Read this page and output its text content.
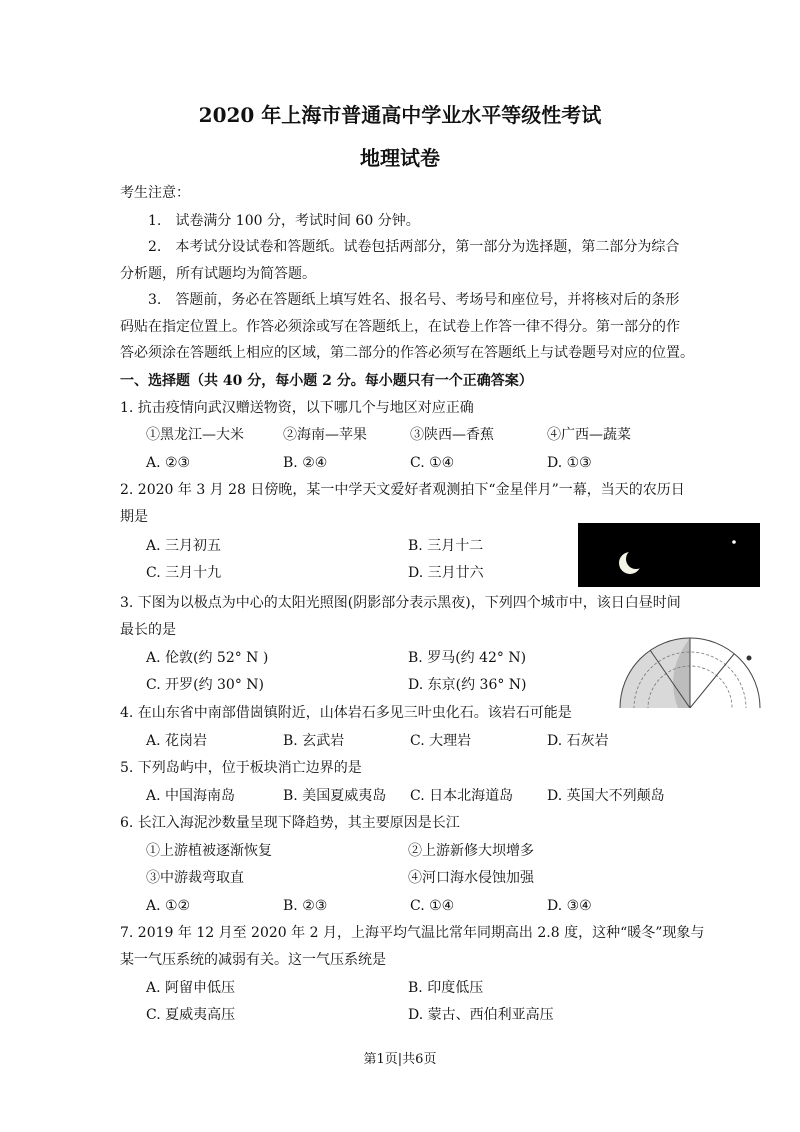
2020 年上海市普通高中学业水平等级性考试
地理试卷
考生注意：
1.　试卷满分 100 分，考试时间 60 分钟。
2.　本考试分设试卷和答题纸。试卷包括两部分，第一部分为选择题，第二部分为综合
分析题，所有试题均为简答题。
3.　答题前，务必在答题纸上填写姓名、报名号、考场号和座位号，并将核对后的条形
码贴在指定位置上。作答必须涂或写在答题纸上，在试卷上作答一律不得分。第一部分的作
答必须涂在答题纸上相应的区域，第二部分的作答必须写在答题纸上与试卷题号对应的位置。
一、选择题（共 40 分，每小题 2 分。每小题只有一个正确答案）
1. 抗击疫情向武汉赠送物资，以下哪几个与地区对应正确
①黑龙江—大米	②海南—苹果	③陕西—香蕉	④广西—蔬菜
A. ②③	B. ②④	C. ①④	D. ①③
2. 2020 年 3 月 28 日傍晚，某一中学天文爱好者观测拍下“金星伴月”一幕，当天的农历日
期是
A. 三月初五	B. 三月十二
C. 三月十九	D. 三月廿六
3. 下图为以极点为中心的太阳光照图(阴影部分表示黑夜)，下列四个城市中，该日白昼时间
最长的是
A. 伦敦(约 52° N )	B. 罗马(约 42° N)
C. 开罗(约 30° N)	D. 东京(约 36° N)
4. 在山东省中南部借崮镇附近，山体岩石多见三叶虫化石。该岩石可能是
A. 花岗岩	B. 玄武岩	C. 大理岩	D. 石灰岩
5. 下列岛屿中，位于板块消亡边界的是
A. 中国海南岛	B. 美国夏威夷岛 C. 日本北海道岛 D. 英国大不列颠岛
6. 长江入海泥沙数量呈现下降趋势，其主要原因是长江
①上游植被逐渐恢复	②上游新修大坝增多
③中游裁弯取直	④河口海水侵蚀加强
A. ①②	B. ②③	C. ①④	D. ③④
7. 2019 年 12 月至 2020 年 2 月，上海平均气温比常年同期高出 2.8 度，这种“暖冬”现象与
某一气压系统的减弱有关。这一气压系统是
A. 阿留申低压	B. 印度低压
C. 夏威夷高压	D. 蒙古、西伯利亚高压
第1页|共6页
